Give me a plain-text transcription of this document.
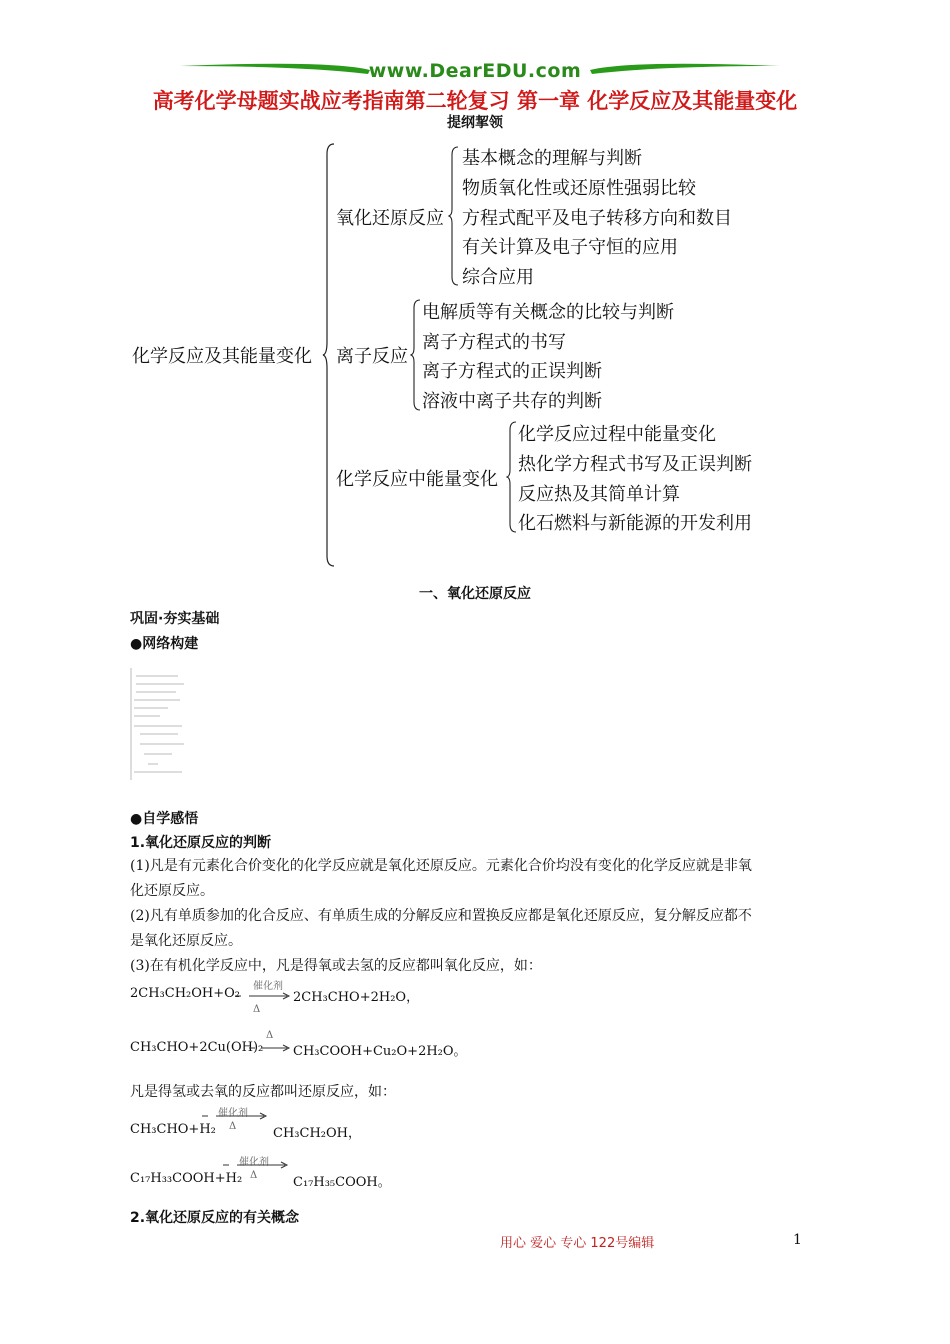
www.DearEDU.com
高考化学母题实战应考指南第二轮复习 第一章 化学反应及其能量变化
提纲挈领
化学反应及其能量变化
氧化还原反应
基本概念的理解与判断
物质氧化性或还原性强弱比较
方程式配平及电子转移方向和数目
有关计算及电子守恒的应用
综合应用
离子反应
电解质等有关概念的比较与判断
离子方程式的书写
离子方程式的正误判断
溶液中离子共存的判断
化学反应中能量变化
化学反应过程中能量变化
热化学方程式书写及正误判断
反应热及其简单计算
化石燃料与新能源的开发利用
一、氧化还原反应
巩固·夯实基础
●网络构建
●自学感悟
1.氧化还原反应的判断
(1)凡是有元素化合价变化的化学反应就是氧化还原反应。元素化合价均没有变化的化学反应就是非氧
化还原反应。
(2)凡有单质参加的化合反应、有单质生成的分解反应和置换反应都是氧化还原反应，复分解反应都不
是氧化还原反应。
(3)在有机化学反应中，凡是得氧或去氢的反应都叫氧化反应，如：
2CH₃CH₂OH+O₂ 催化剂
Δ
2CH₃CHO+2H₂O，
CH₃CHO+2Cu(OH)₂
Δ
CH₃COOH+Cu₂O+2H₂O。
凡是得氢或去氧的反应都叫还原反应，如：
CH₃CHO+H₂
催化剂
Δ	CH₃CH₂OH，
C₁₇H₃₃COOH+H₂
催化剂
Δ	C₁₇H₃₅COOH。
2.氧化还原反应的有关概念
用心 爱心 专心 122号编辑	1
